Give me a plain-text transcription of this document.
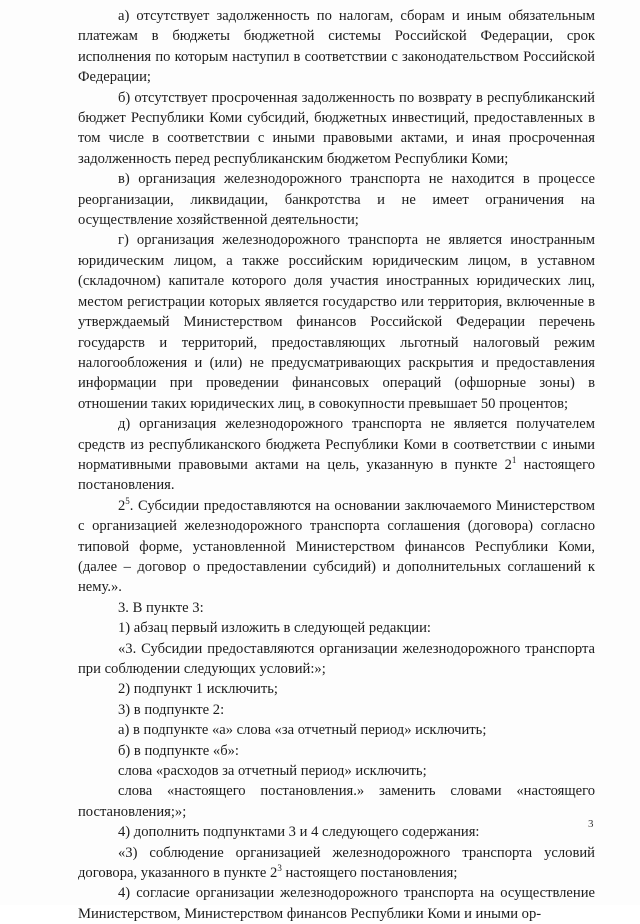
а) отсутствует задолженность по налогам, сборам и иным обязательным платежам в бюджеты бюджетной системы Российской Федерации, срок исполнения по которым наступил в соответствии с законодательством Российской Федерации;

б) отсутствует просроченная задолженность по возврату в республиканский бюджет Республики Коми субсидий, бюджетных инвестиций, предоставленных в том числе в соответствии с иными правовыми актами, и иная просроченная задолженность перед республиканским бюджетом Республики Коми;

в) организация железнодорожного транспорта не находится в процессе реорганизации, ликвидации, банкротства и не имеет ограничения на осуществление хозяйственной деятельности;

г) организация железнодорожного транспорта не является иностранным юридическим лицом, а также российским юридическим лицом, в уставном (складочном) капитале которого доля участия иностранных юридических лиц, местом регистрации которых является государство или территория, включенные в утверждаемый Министерством финансов Российской Федерации перечень государств и территорий, предоставляющих льготный налоговый режим налогообложения и (или) не предусматривающих раскрытия и предоставления информации при проведении финансовых операций (офшорные зоны) в отношении таких юридических лиц, в совокупности превышает 50 процентов;

д) организация железнодорожного транспорта не является получателем средств из республиканского бюджета Республики Коми в соответствии с иными нормативными правовыми актами на цель, указанную в пункте $2^1$ настоящего постановления.

$2^5$. Субсидии предоставляются на основании заключаемого Министерством с организацией железнодорожного транспорта соглашения (договора) согласно типовой форме, установленной Министерством финансов Республики Коми, (далее – договор о предоставлении субсидий) и дополнительных соглашений к нему.».

3. В пункте 3:

1) абзац первый изложить в следующей редакции:

«3. Субсидии предоставляются организации железнодорожного транспорта при соблюдении следующих условий:»;

2) подпункт 1 исключить;

3) в подпункте 2:

а) в подпункте «а» слова «за отчетный период» исключить;

б) в подпункте «б»:

слова «расходов за отчетный период» исключить;

слова «настоящего постановления.» заменить словами «настоящего постановления;»;

4) дополнить подпунктами 3 и 4 следующего содержания:

«3) соблюдение организацией железнодорожного транспорта условий договора, указанного в пункте $2^3$ настоящего постановления;

4) согласие организации железнодорожного транспорта на осуществление Министерством, Министерством финансов Республики Коми и иными ор-

3
